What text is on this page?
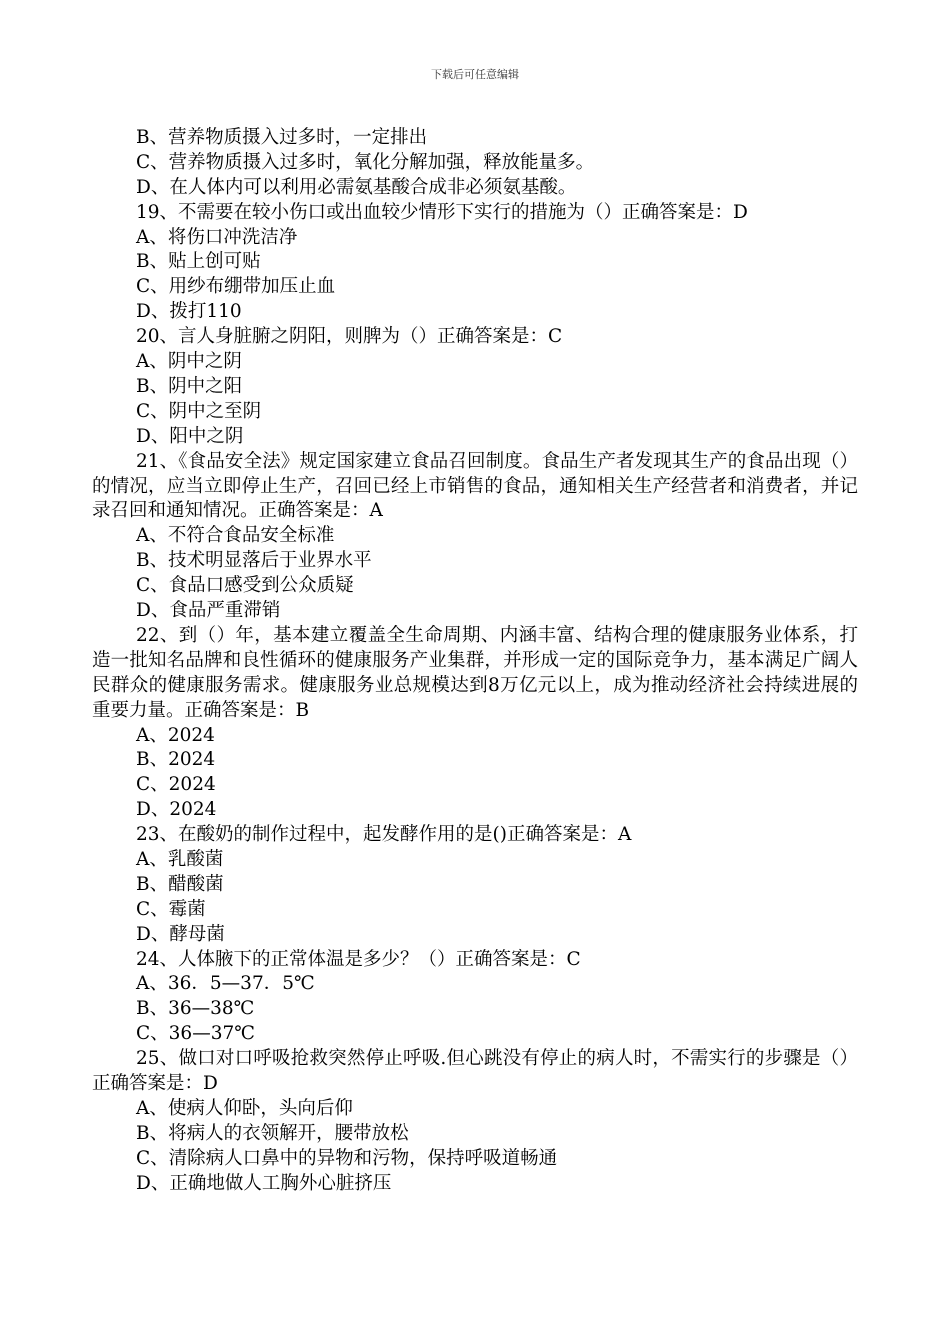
下载后可任意编辑
B、营养物质摄入过多时，一定排出
C、营养物质摄入过多时，氧化分解加强，释放能量多。
D、在人体内可以利用必需氨基酸合成非必须氨基酸。
19、不需要在较小伤口或出血较少情形下实行的措施为（）正确答案是：D
A、将伤口冲洗洁净
B、贴上创可贴
C、用纱布绷带加压止血
D、拨打110
20、言人身脏腑之阴阳，则脾为（）正确答案是：C
A、阴中之阴
B、阴中之阳
C、阴中之至阴
D、阳中之阴
21、《食品安全法》规定国家建立食品召回制度。食品生产者发现其生产的食品出现（）的情况，应当立即停止生产，召回已经上市销售的食品，通知相关生产经营者和消费者，并记录召回和通知情况。正确答案是：A
A、不符合食品安全标准
B、技术明显落后于业界水平
C、食品口感受到公众质疑
D、食品严重滞销
22、到（）年，基本建立覆盖全生命周期、内涵丰富、结构合理的健康服务业体系，打造一批知名品牌和良性循环的健康服务产业集群，并形成一定的国际竞争力，基本满足广阔人民群众的健康服务需求。健康服务业总规模达到8万亿元以上，成为推动经济社会持续进展的重要力量。正确答案是：B
A、2024
B、2024
C、2024
D、2024
23、在酸奶的制作过程中，起发酵作用的是()正确答案是：A
A、乳酸菌
B、醋酸菌
C、霉菌
D、酵母菌
24、人体腋下的正常体温是多少？（）正确答案是：C
A、36．5—37．5℃
B、36—38℃
C、36—37℃
25、做口对口呼吸抢救突然停止呼吸.但心跳没有停止的病人时，不需实行的步骤是（）正确答案是：D
A、使病人仰卧，头向后仰
B、将病人的衣领解开，腰带放松
C、清除病人口鼻中的异物和污物，保持呼吸道畅通
D、正确地做人工胸外心脏挤压
